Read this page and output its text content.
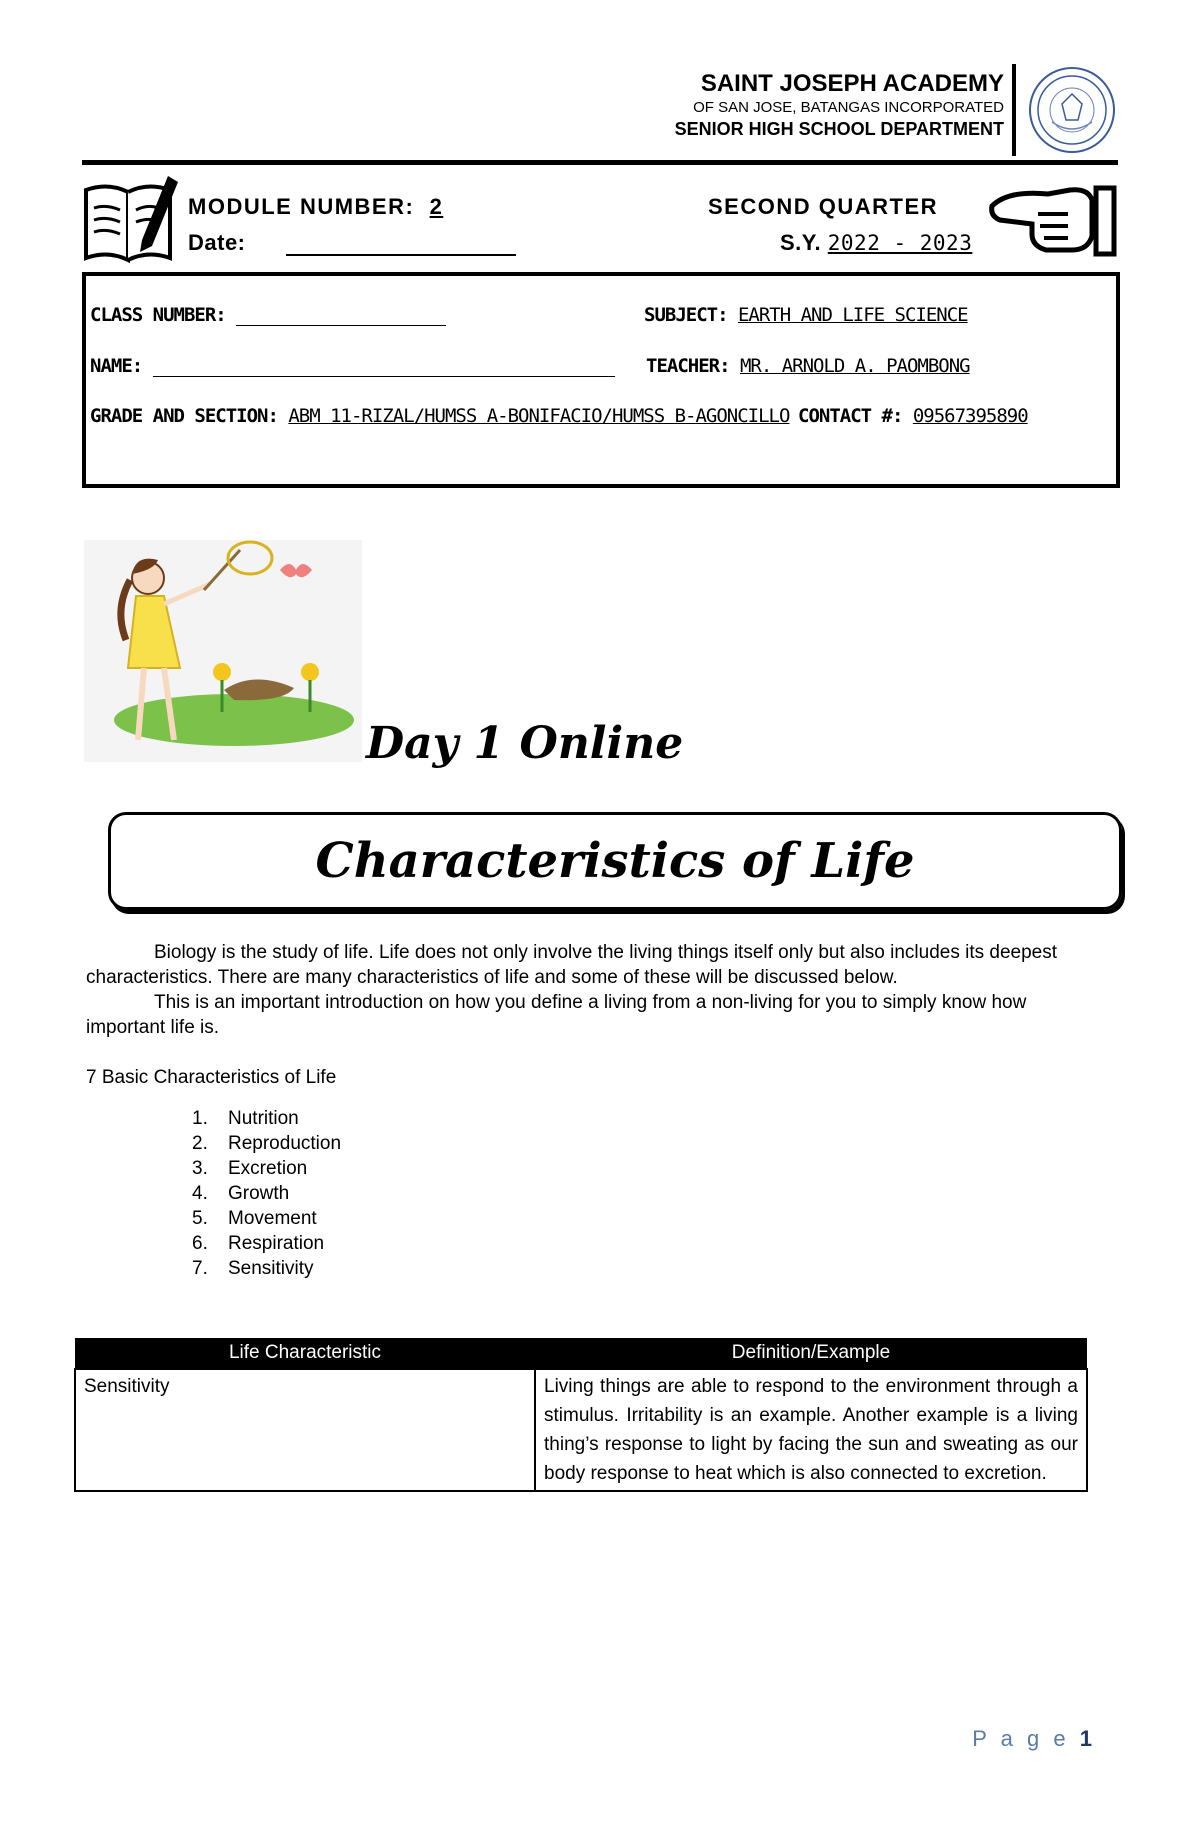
SAINT JOSEPH ACADEMY
OF SAN JOSE, BATANGAS INCORPORATED
SENIOR HIGH SCHOOL DEPARTMENT
MODULE NUMBER: 2
Date:
SECOND QUARTER
S.Y. 2022 - 2023
CLASS NUMBER:	SUBJECT: EARTH AND LIFE SCIENCE
NAME:	TEACHER: MR. ARNOLD A. PAOMBONG
GRADE AND SECTION: ABM 11-RIZAL/HUMSS A-BONIFACIO/HUMSS B-AGONCILLO CONTACT #: 09567395890
Day 1 Online
Characteristics of Life

Biology is the study of life. Life does not only involve the living things itself only but also includes its deepest characteristics. There are many characteristics of life and some of these will be discussed below.

This is an important introduction on how you define a living from a non-living for you to simply know how important life is.

7 Basic Characteristics of Life

1. Nutrition
2. Reproduction
3. Excretion
4. Growth
5. Movement
6. Respiration
7. Sensitivity
Life Characteristic	Definition/Example
Sensitivity	Living things are able to respond to the environment through a stimulus. Irritability is an example. Another example is a living thing’s response to light by facing the sun and sweating as our body response to heat which is also connected to excretion.
P a g e 1
